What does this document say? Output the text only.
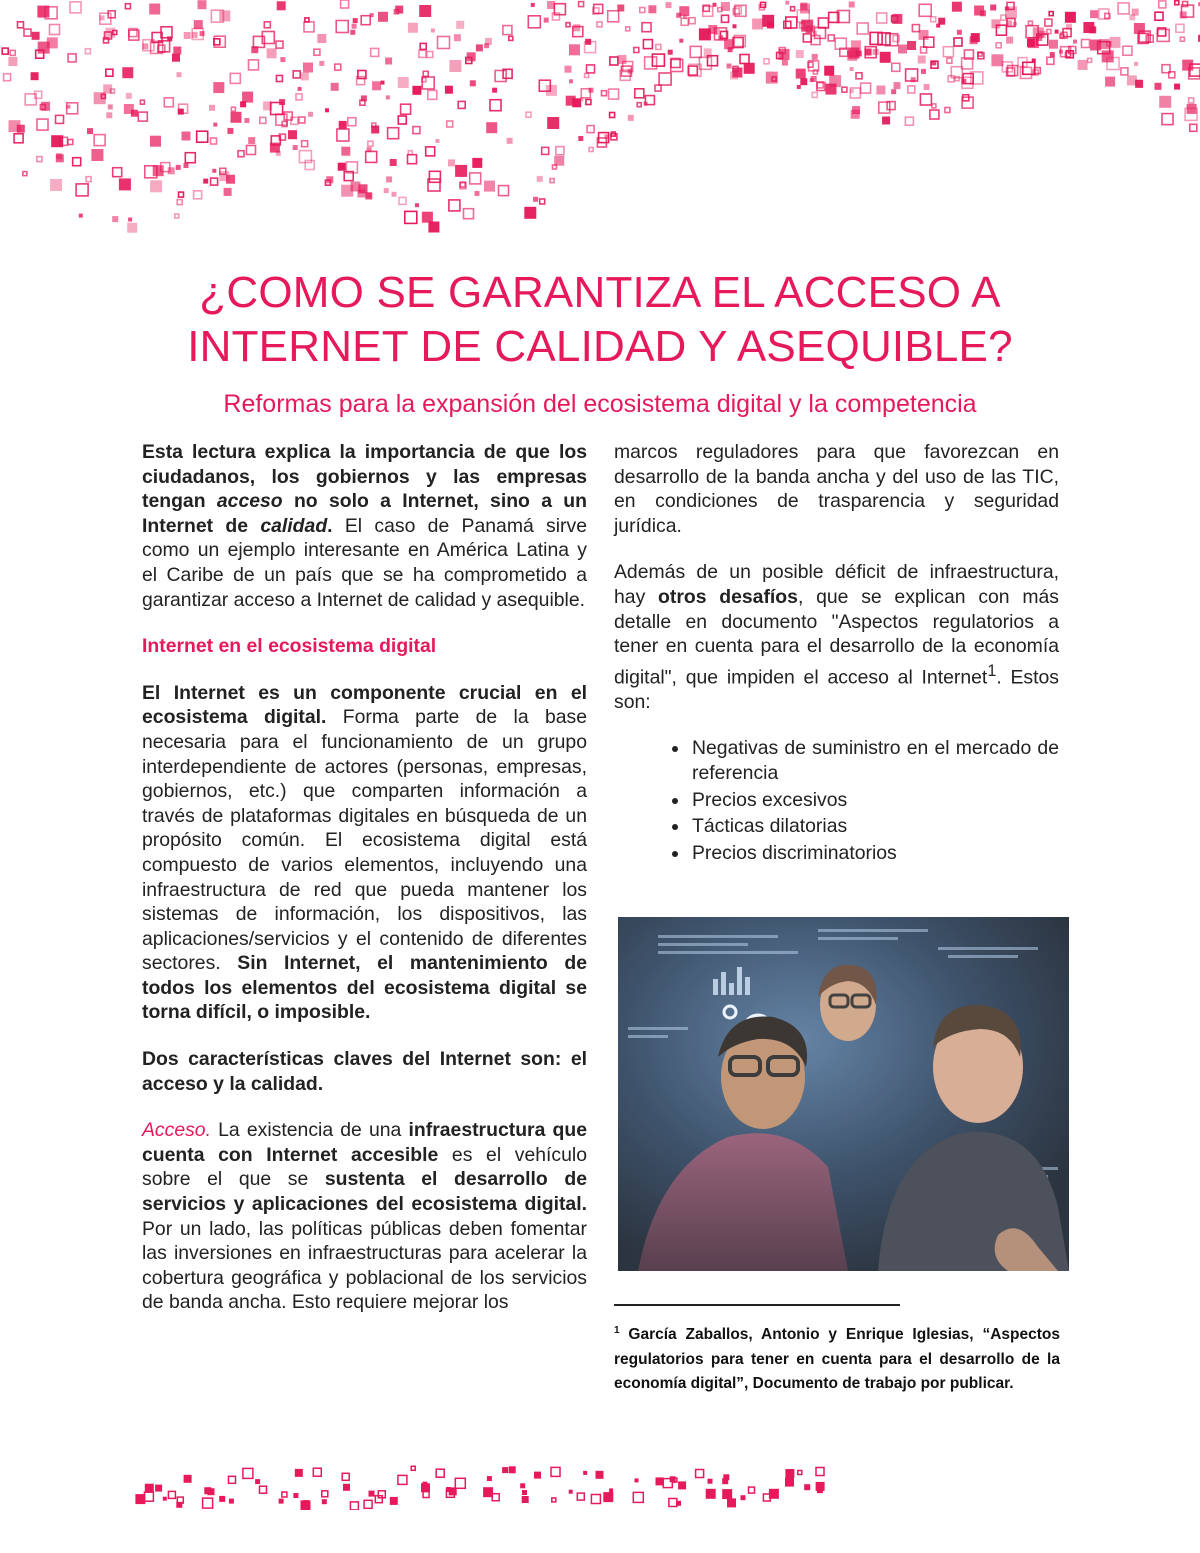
¿COMO SE GARANTIZA EL ACCESO A
INTERNET DE CALIDAD Y ASEQUIBLE?
Reformas para la expansión del ecosistema digital y la competencia

Esta lectura explica la importancia de que los ciudadanos, los gobiernos y las empresas tengan acceso no solo a Internet, sino a un Internet de calidad. El caso de Panamá sirve como un ejemplo interesante en América Latina y el Caribe de un país que se ha comprometido a garantizar acceso a Internet de calidad y asequible.

Internet en el ecosistema digital

El Internet es un componente crucial en el ecosistema digital. Forma parte de la base necesaria para el funcionamiento de un grupo interdependiente de actores (personas, empresas, gobiernos, etc.) que comparten información a través de plataformas digitales en búsqueda de un propósito común. El ecosistema digital está compuesto de varios elementos, incluyendo una infraestructura de red que pueda mantener los sistemas de información, los dispositivos, las aplicaciones/servicios y el contenido de diferentes sectores. Sin Internet, el mantenimiento de todos los elementos del ecosistema digital se torna difícil, o imposible.

Dos características claves del Internet son: el acceso y la calidad.

Acceso. La existencia de una infraestructura que cuenta con Internet accesible es el vehículo sobre el que se sustenta el desarrollo de servicios y aplicaciones del ecosistema digital. Por un lado, las políticas públicas deben fomentar las inversiones en infraestructuras para acelerar la cobertura geográfica y poblacional de los servicios de banda ancha. Esto requiere mejorar los

marcos reguladores para que favorezcan en desarrollo de la banda ancha y del uso de las TIC, en condiciones de trasparencia y seguridad jurídica.

Además de un posible déficit de infraestructura, hay otros desafíos, que se explican con más detalle en documento "Aspectos regulatorios a tener en cuenta para el desarrollo de la economía digital", que impiden el acceso al Internet$^1$. Estos son:

• Negativas de suministro en el mercado de referencia
• Precios excesivos
• Tácticas dilatorias
• Precios discriminatorios
$^1$ García Zaballos, Antonio y Enrique Iglesias, “Aspectos regulatorios para tener en cuenta para el desarrollo de la economía digital”, Documento de trabajo por publicar.
